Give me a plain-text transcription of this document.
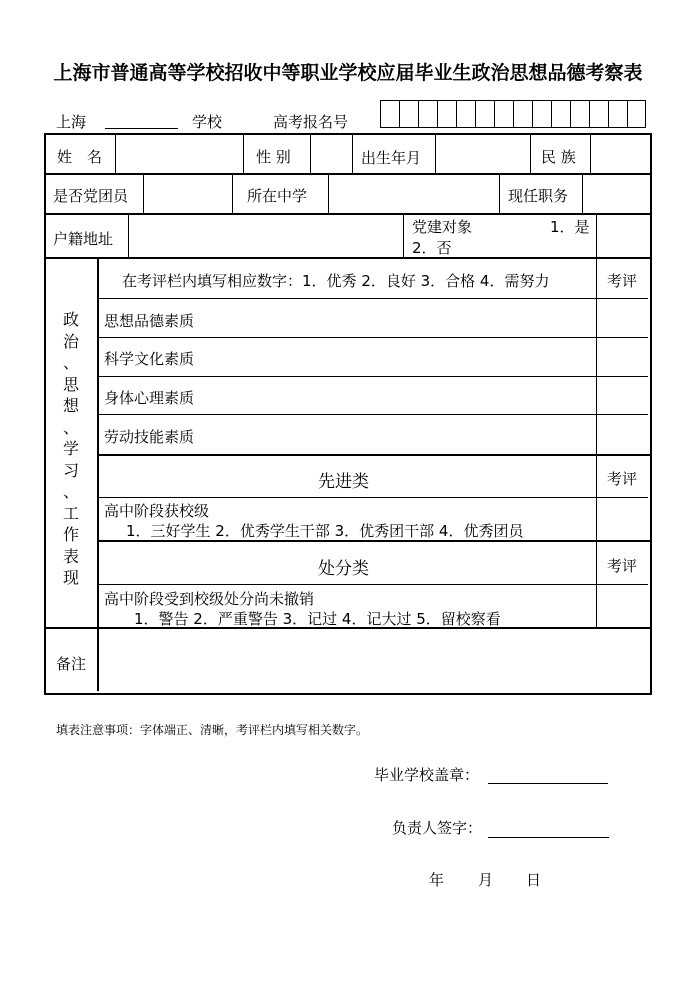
上海市普通高等学校招收中等职业学校应届毕业生政治思想品德考察表
上海	学校	高考报名号
姓　名	性 别	出生年月	民 族
是否党团员	所在中学	现任职务
户籍地址
党建对象	1．是
2．否
政
治
、
思
想
、
学
习
、
工
作
表
现
在考评栏内填写相应数字：1．优秀 2．良好 3．合格 4．需努力	考评
思想品德素质
科学文化素质
身体心理素质
劳动技能素质
先进类	考评
高中阶段获校级
1．三好学生 2．优秀学生干部 3．优秀团干部 4．优秀团员
处分类	考评
高中阶段受到校级处分尚未撤销
1．警告 2．严重警告 3．记过 4．记大过 5．留校察看
备注
填表注意事项：字体端正、清晰，考评栏内填写相关数字。
毕业学校盖章：
负责人签字：
年 月 日
